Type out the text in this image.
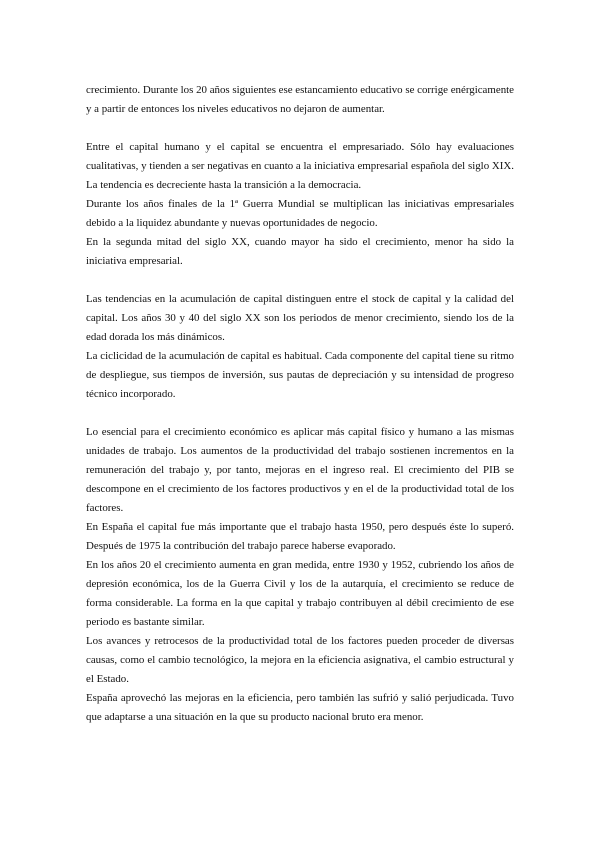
crecimiento. Durante los 20 años siguientes ese estancamiento educativo se corrige enérgicamente y a partir de entonces los niveles educativos no dejaron de aumentar.

Entre el capital humano y el capital se encuentra el empresariado. Sólo hay evaluaciones cualitativas, y tienden a ser negativas en cuanto a la iniciativa empresarial española del siglo XIX. La tendencia es decreciente hasta la transición a la democracia.

Durante los años finales de la 1ª Guerra Mundial se multiplican las iniciativas empresariales debido a la liquidez abundante y nuevas oportunidades de negocio.

En la segunda mitad del siglo XX, cuando mayor ha sido el crecimiento, menor ha sido la iniciativa empresarial.

Las tendencias en la acumulación de capital distinguen entre el stock de capital y la calidad del capital. Los años 30 y 40 del siglo XX son los periodos de menor crecimiento, siendo los de la edad dorada los más dinámicos.

La ciclicidad de la acumulación de capital es habitual. Cada componente del capital tiene su ritmo de despliegue, sus tiempos de inversión, sus pautas de depreciación y su intensidad de progreso técnico incorporado.

Lo esencial para el crecimiento económico es aplicar más capital físico y humano a las mismas unidades de trabajo. Los aumentos de la productividad del trabajo sostienen incrementos en la remuneración del trabajo y, por tanto, mejoras en el ingreso real. El crecimiento del PIB se descompone en el crecimiento de los factores productivos y en el de la productividad total de los factores.

En España el capital fue más importante que el trabajo hasta 1950, pero después éste lo superó. Después de 1975 la contribución del trabajo parece haberse evaporado.

En los años 20 el crecimiento aumenta en gran medida, entre 1930 y 1952, cubriendo los años de depresión económica, los de la Guerra Civil y los de la autarquía, el crecimiento se reduce de forma considerable. La forma en la que capital y trabajo contribuyen al débil crecimiento de ese periodo es bastante similar.

Los avances y retrocesos de la productividad total de los factores pueden proceder de diversas causas, como el cambio tecnológico, la mejora en la eficiencia asignativa, el cambio estructural y el Estado.

España aprovechó las mejoras en la eficiencia, pero también las sufrió y salió perjudicada. Tuvo que adaptarse a una situación en la que su producto nacional bruto era menor.
